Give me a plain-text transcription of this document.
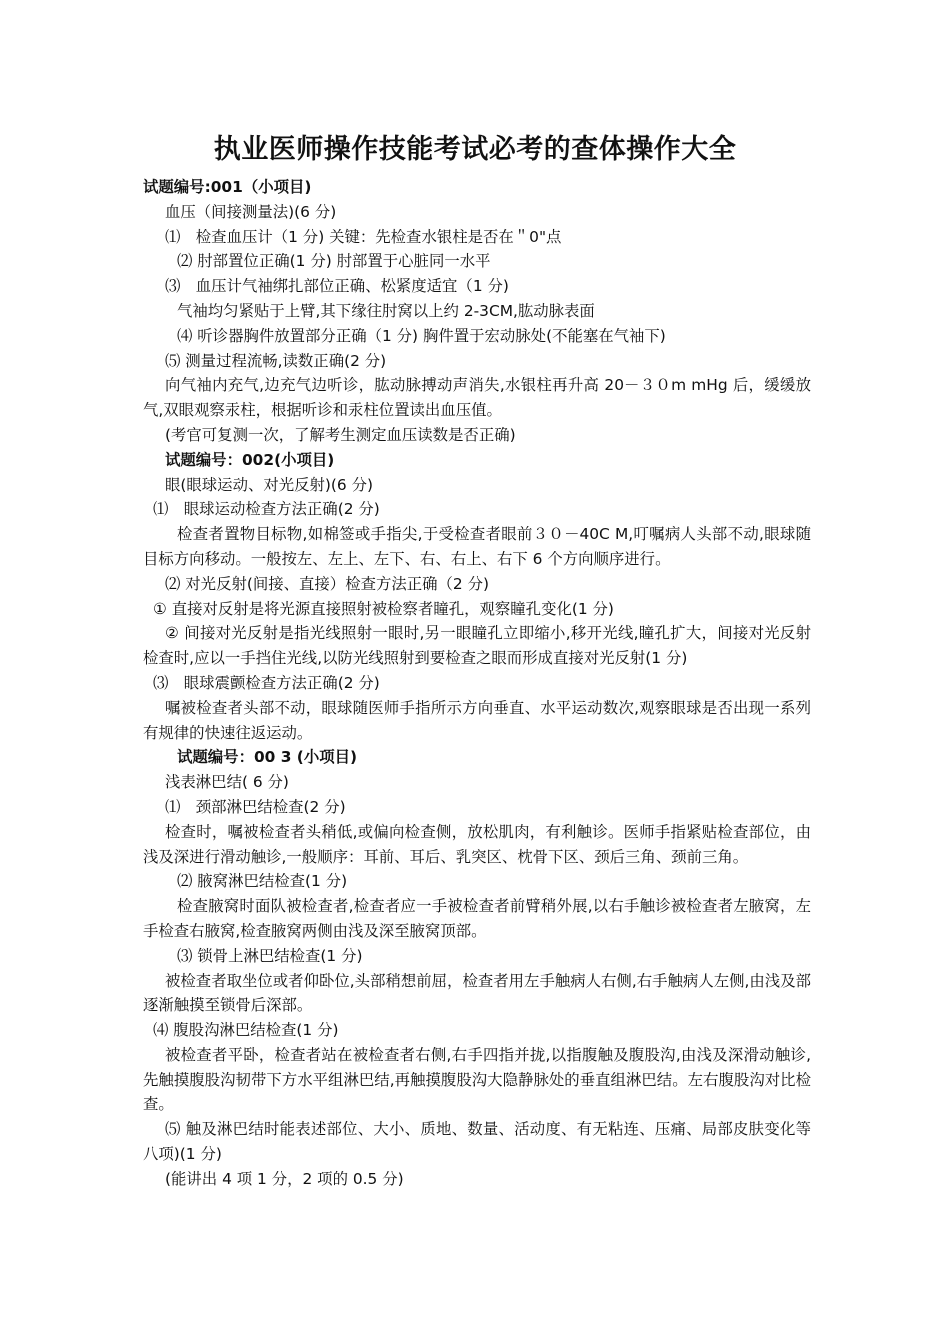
执业医师操作技能考试必考的查体操作大全
试题编号:001（小项目)
血压（间接测量法)(6 分)
⑴　检查血压计（1 分) 关键：先检查水银柱是否在＂0"点
⑵ 肘部置位正确(1 分) 肘部置于心脏同一水平
⑶　血压计气袖绑扎部位正确、松紧度适宜（1 分)
气袖均匀紧贴于上臂,其下缘往肘窝以上约 2-3CM,肱动脉表面
⑷ 听诊器胸件放置部分正确（1 分) 胸件置于宏动脉处(不能塞在气袖下)
⑸ 测量过程流畅,读数正确(2 分)
向气袖内充气,边充气边听诊，肱动脉搏动声消失,水银柱再升高 20－３０m mHg 后，缓缓放气,双眼观察汞柱，根据听诊和汞柱位置读出血压值。
(考官可复测一次，了解考生测定血压读数是否正确)
试题编号：002(小项目)
眼(眼球运动、对光反射)(6 分)
⑴　眼球运动检查方法正确(2 分)
检查者置物目标物,如棉签或手指尖,于受检查者眼前３０－40C M,叮嘱病人头部不动,眼球随目标方向移动。一般按左、左上、左下、右、右上、右下 6 个方向顺序进行。
⑵ 对光反射(间接、直接）检查方法正确（2 分)
① 直接对反射是将光源直接照射被检察者瞳孔，观察瞳孔变化(1 分)
② 间接对光反射是指光线照射一眼时,另一眼瞳孔立即缩小,移开光线,瞳孔扩大，间接对光反射检查时,应以一手挡住光线,以防光线照射到要检查之眼而形成直接对光反射(1 分)
⑶　眼球震颤检查方法正确(2 分)
嘱被检查者头部不动，眼球随医师手指所示方向垂直、水平运动数次,观察眼球是否出现一系列有规律的快速往返运动。
试题编号：00 3 (小项目)
浅表淋巴结( 6 分)
⑴　颈部淋巴结检查(2 分)
检查时，嘱被检查者头稍低,或偏向检查侧，放松肌肉，有利触诊。医师手指紧贴检查部位，由浅及深进行滑动触诊,一般顺序：耳前、耳后、乳突区、枕骨下区、颈后三角、颈前三角。
⑵ 腋窝淋巴结检查(1 分)
检查腋窝时面队被检查者,检查者应一手被检查者前臂稍外展,以右手触诊被检查者左腋窝，左手检查右腋窝,检查腋窝两侧由浅及深至腋窝顶部。
⑶ 锁骨上淋巴结检查(1 分)
被检查者取坐位或者仰卧位,头部稍想前屈，检查者用左手触病人右侧,右手触病人左侧,由浅及部逐渐触摸至锁骨后深部。
⑷ 腹股沟淋巴结检查(1 分)
被检查者平卧，检查者站在被检查者右侧,右手四指并拢,以指腹触及腹股沟,由浅及深滑动触诊,先触摸腹股沟韧带下方水平组淋巴结,再触摸腹股沟大隐静脉处的垂直组淋巴结。左右腹股沟对比检查。
⑸ 触及淋巴结时能表述部位、大小、质地、数量、活动度、有无粘连、压痛、局部皮肤变化等八项)(1 分)
(能讲出 4 项 1 分，2 项的 0.5 分)
